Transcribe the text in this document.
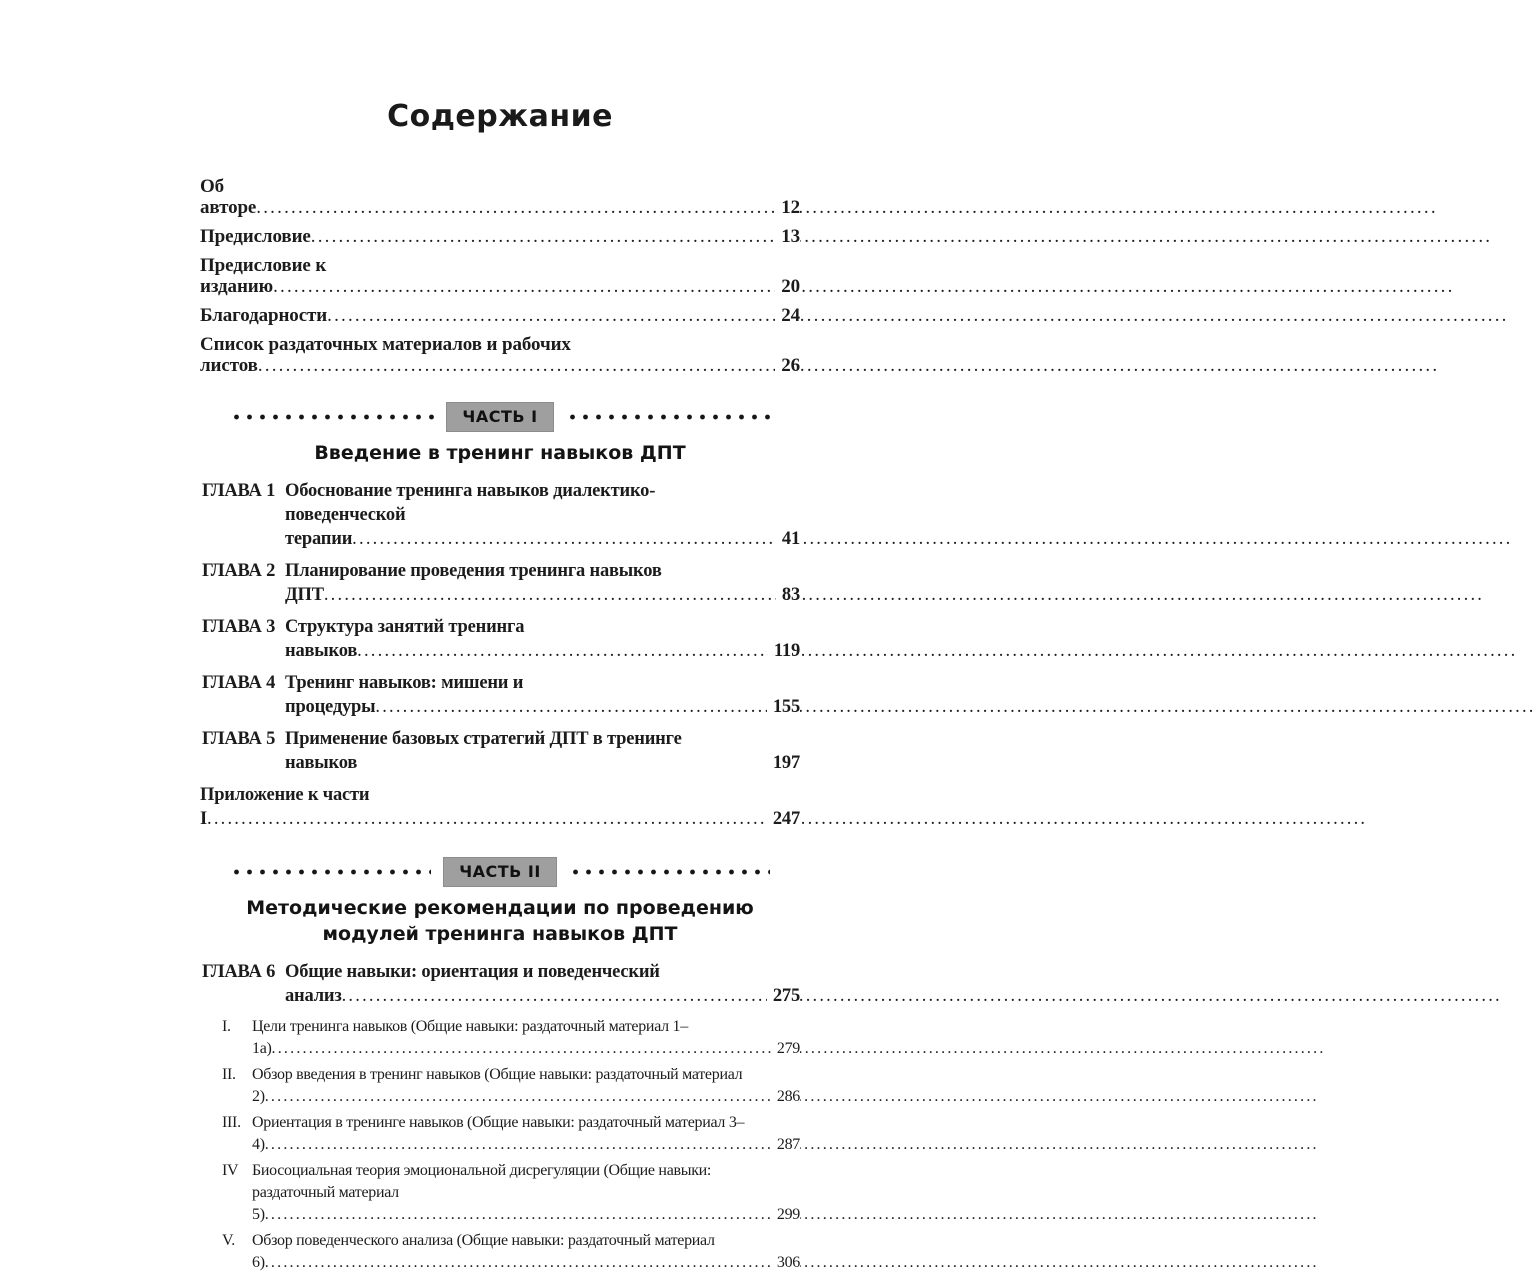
Содержание
Об авторе .....	12
Предисловие .....	13
Предисловие к изданию .....	20
Благодарности .....	24
Список раздаточных материалов и рабочих листов .....	26
ЧАСТЬ I
Введение в тренинг навыков ДПТ
ГЛАВА 1 Обоснование тренинга навыков диалектико-поведенческой терапии .....	41
ГЛАВА 2 Планирование проведения тренинга навыков ДПТ .....	83
ГЛАВА 3 Структура занятий тренинга навыков .....	119
ГЛАВА 4 Тренинг навыков: мишени и процедуры .....	155
ГЛАВА 5 Применение базовых стратегий ДПТ в тренинге навыков	197
Приложение к части I .....	247
ЧАСТЬ II
Методические рекомендации по проведению модулей тренинга навыков ДПТ
ГЛАВА 6 Общие навыки: ориентация и поведенческий анализ .....	275
I. Цели тренинга навыков (Общие навыки: раздаточный материал 1–1а) .....	279
II. Обзор введения в тренинг навыков (Общие навыки: раздаточный материал 2) .....	286
III. Ориентация в тренинге навыков (Общие навыки: раздаточный материал 3–4) .....	287
IV Биосоциальная теория эмоциональной дисрегуляции (Общие навыки: раздаточный материал 5) .....	299
V. Обзор поведенческого анализа (Общие навыки: раздаточный материал 6) .....	306
